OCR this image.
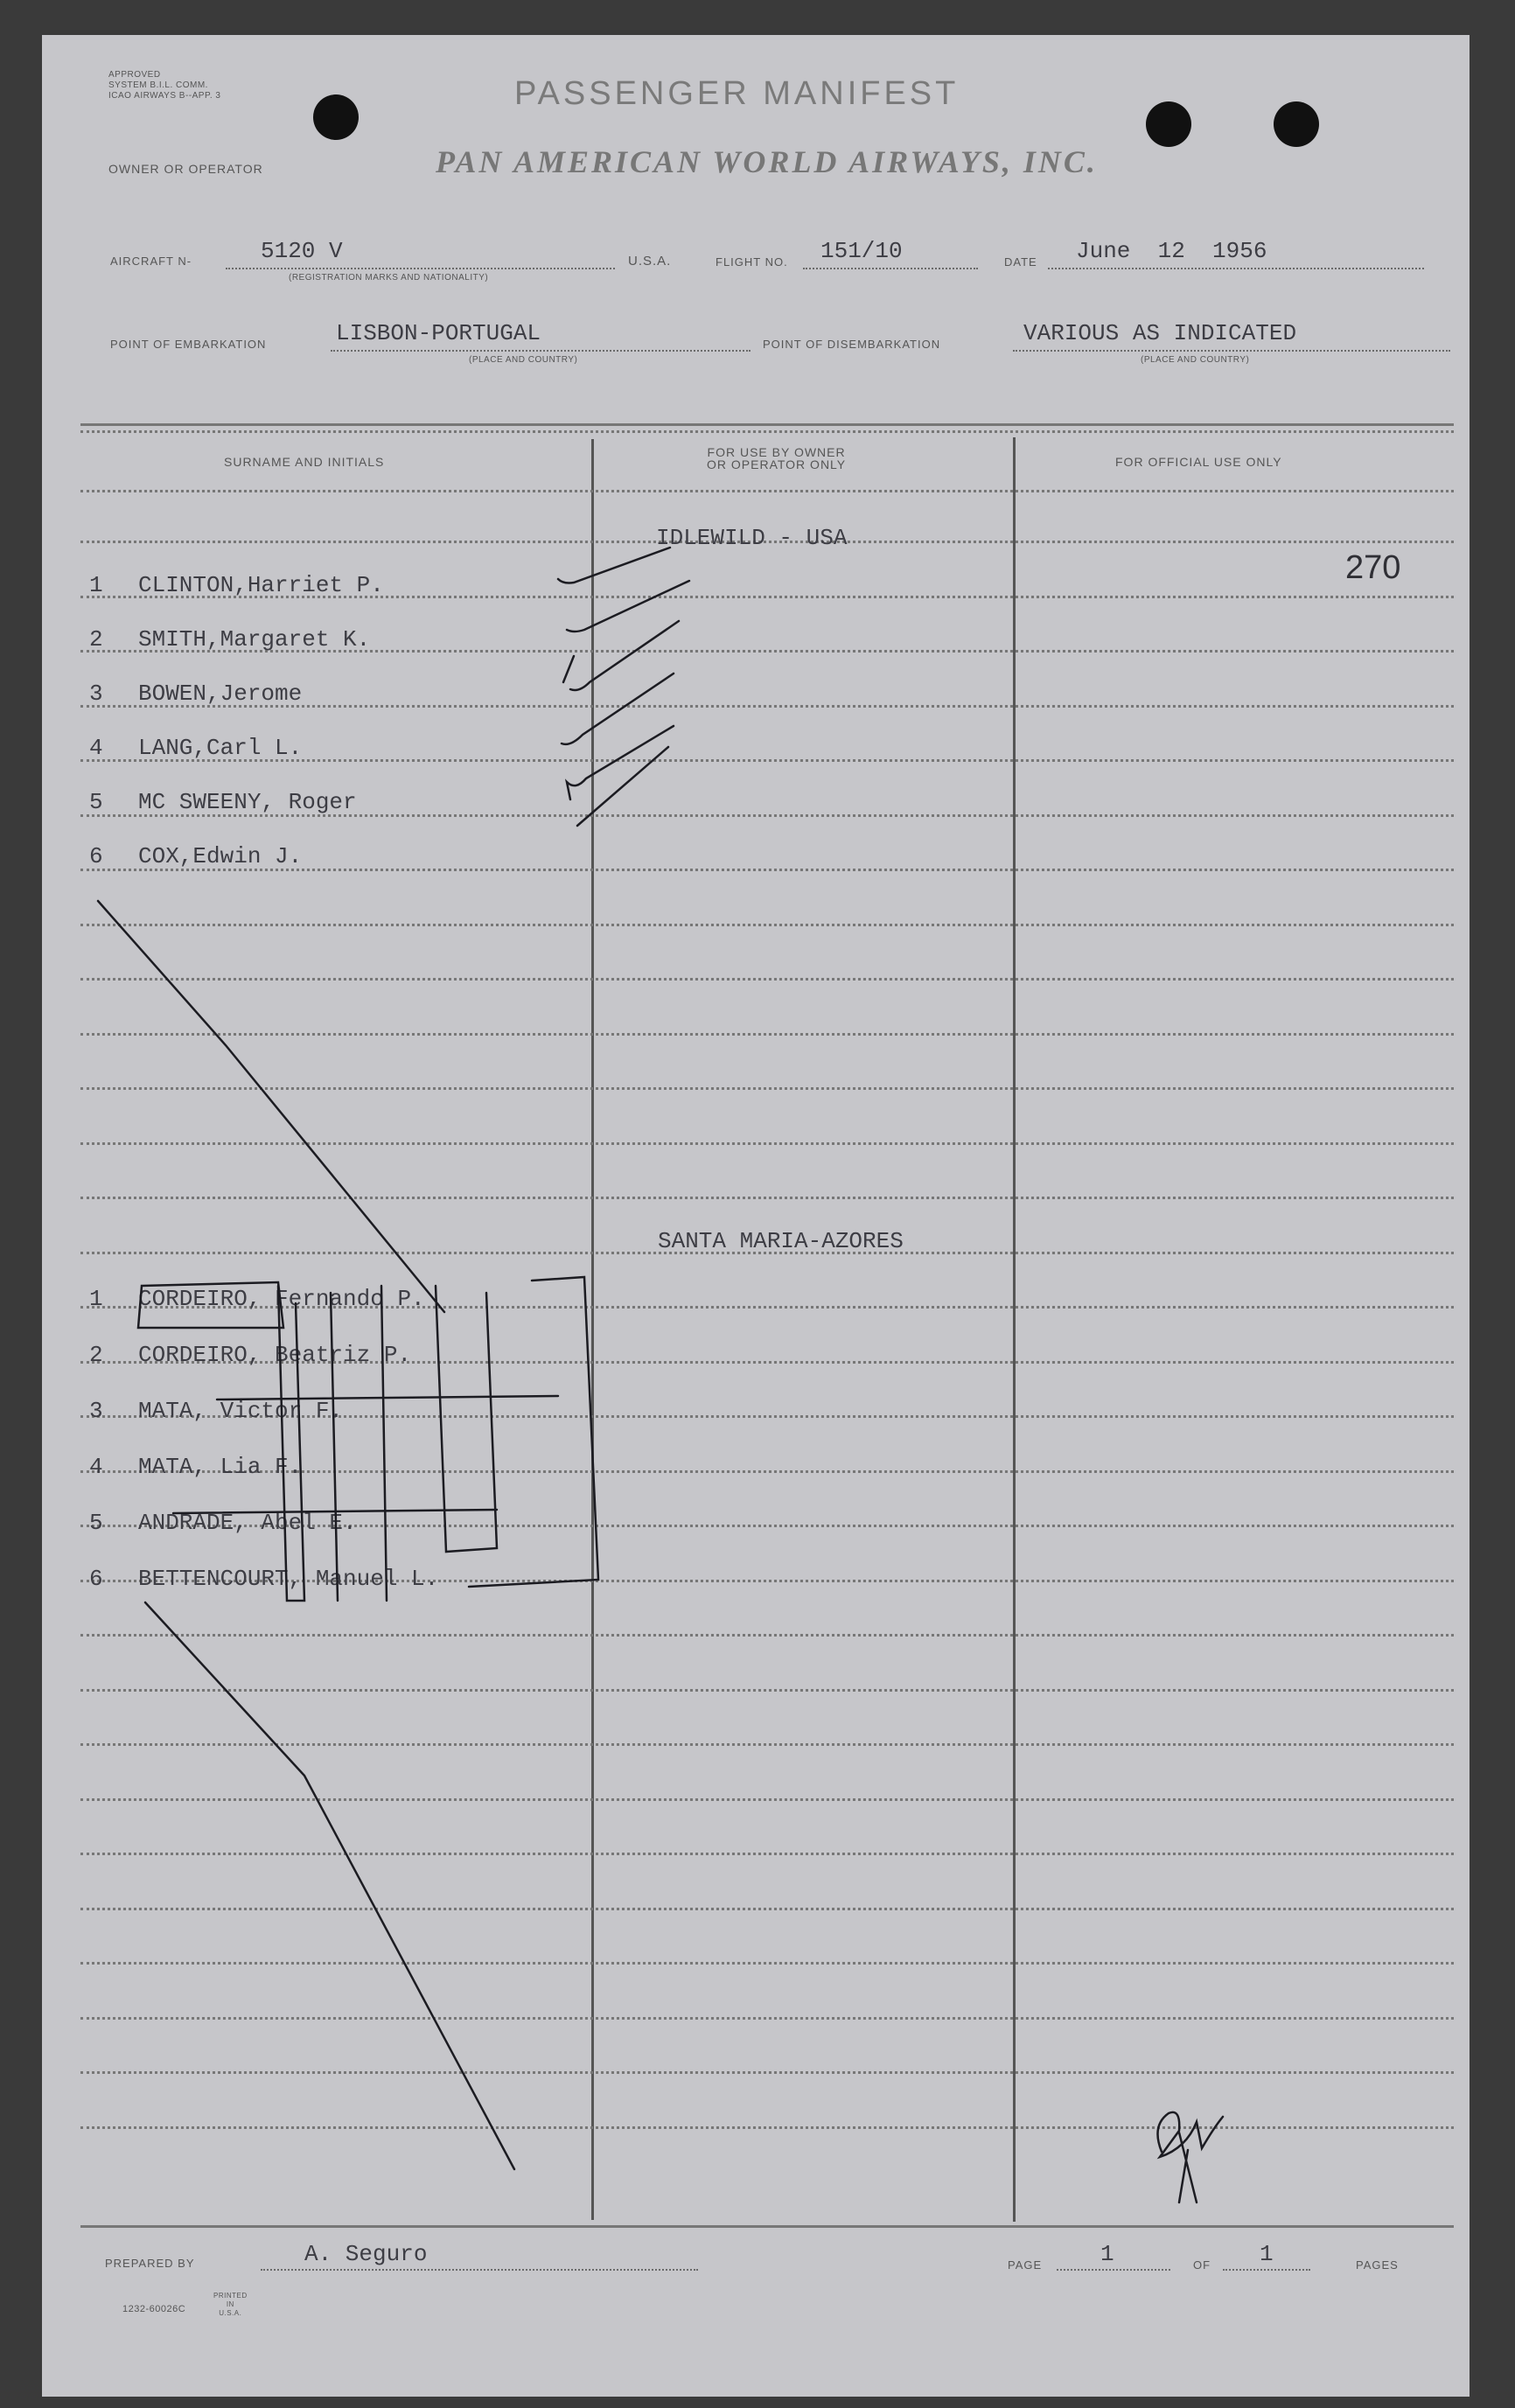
APPROVED
SYSTEM B.I.L. COMM.
ICAO AIRWAYS B--APP. 3	PASSENGER MANIFEST
OWNER OR OPERATOR	PAN AMERICAN WORLD AIRWAYS, INC.
AIRCRAFT N-	5120 V
(REGISTRATION MARKS AND NATIONALITY)
U.S.A.	FLIGHT NO. 151/10	DATE June  12  1956
POINT OF EMBARKATION	LISBON-PORTUGAL
(PLACE AND COUNTRY)
POINT OF DISEMBARKATION	VARIOUS AS INDICATED
(PLACE AND COUNTRY)
SURNAME AND INITIALS
FOR USE BY OWNER
OR OPERATOR ONLY	FOR OFFICIAL USE ONLY
IDLEWILD - USA
270
1 CLINTON,Harriet P.
2 SMITH,Margaret K.
3 BOWEN,Jerome
4 LANG,Carl L.
5 MC SWEENY, Roger
6 COX,Edwin J.
SANTA MARIA-AZORES
1 CORDEIRO, Fernando P.
2 CORDEIRO, Beatriz P.
3 MATA, Victor F.
4 MATA, Lia F.
5 ANDRADE, Abel E.
6 BETTENCOURT, Manuel L.
PREPARED BY	A. Seguro	PAGE	1	OF 1	PAGES
1232-60026C
PRINTED
IN
U.S.A.
